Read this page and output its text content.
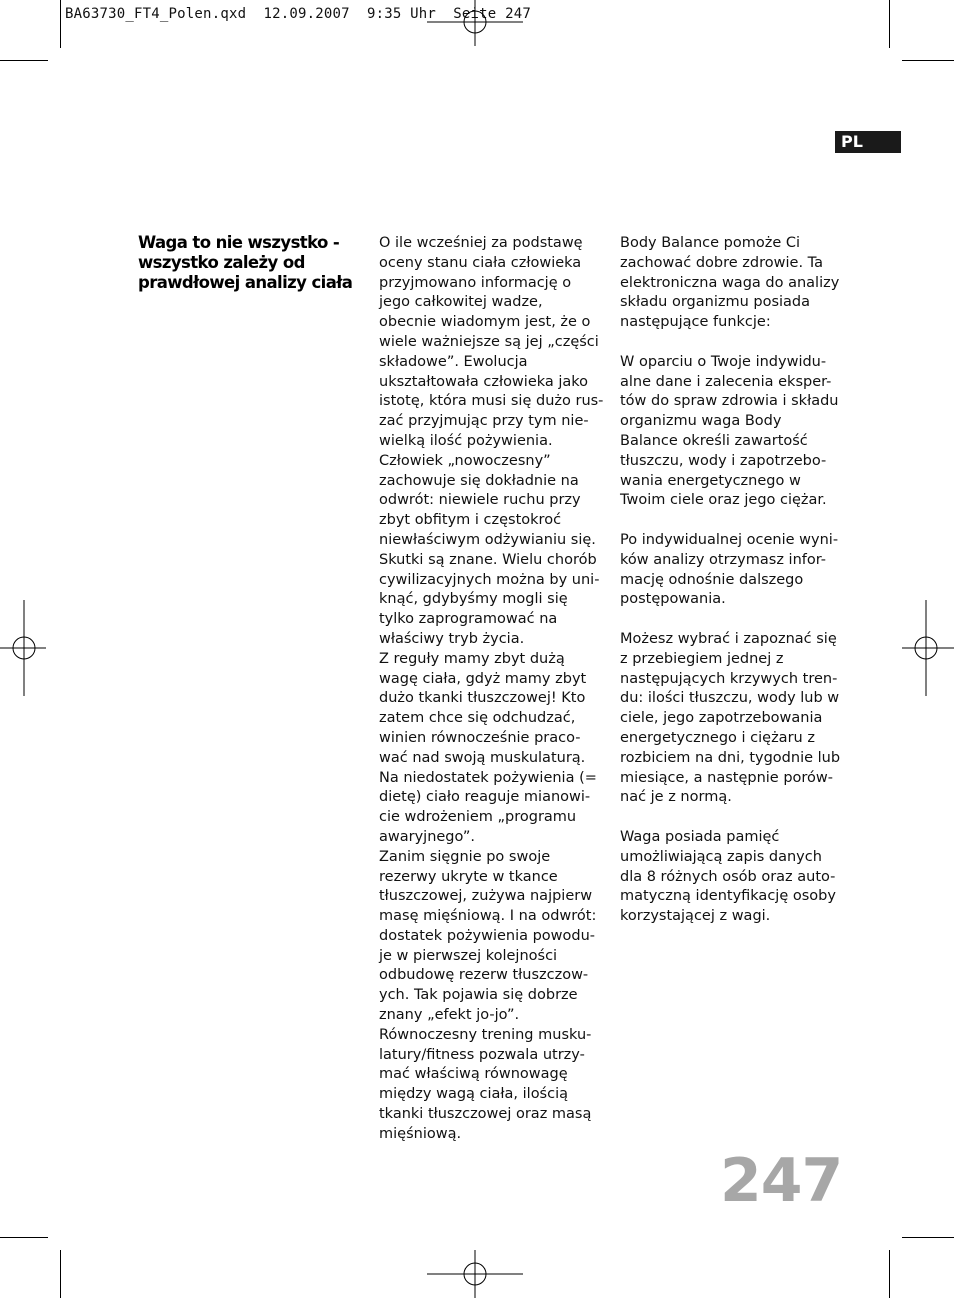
BA63730_FT4_Polen.qxd  12.09.2007  9:35 Uhr  Seite 247
PL
Waga to nie wszystko -
wszystko zależy od
prawdłowej analizy ciała

O ile wcześniej za podstawę

oceny stanu ciała człowieka

przyjmowano informację o

jego całkowitej wadze,

obecnie wiadomym jest, że o

wiele ważniejsze są jej „części

składowe”. Ewolucja

ukształtowała człowieka jako

istotę, która musi się dużo rus-

zać przyjmując przy tym nie-

wielką ilość pożywienia.

Człowiek „nowoczesny”

zachowuje się dokładnie na

odwrót: niewiele ruchu przy

zbyt obfitym i częstokroć

niewłaściwym odżywianiu się.

Skutki są znane. Wielu chorób

cywilizacyjnych można by uni-

knąć, gdybyśmy mogli się

tylko zaprogramować na

właściwy tryb życia.

Z reguły mamy zbyt dużą

wagę ciała, gdyż mamy zbyt

dużo tkanki tłuszczowej! Kto

zatem chce się odchudzać,

winien równocześnie praco-

wać nad swoją muskulaturą.

Na niedostatek pożywienia (=

dietę) ciało reaguje mianowi-

cie wdrożeniem „programu

awaryjnego”.

Zanim sięgnie po swoje

rezerwy ukryte w tkance

tłuszczowej, zużywa najpierw

masę mięśniową. I na odwrót:

dostatek pożywienia powodu-

je w pierwszej kolejności

odbudowę rezerw tłuszczow-

ych. Tak pojawia się dobrze

znany „efekt jo-jo”.

Równoczesny trening musku-

latury/fitness pozwala utrzy-

mać właściwą równowagę

między wagą ciała, ilością

tkanki tłuszczowej oraz masą

mięśniową.

Body Balance pomoże Ci

zachować dobre zdrowie. Ta

elektroniczna waga do analizy

składu organizmu posiada

następujące funkcje:

W oparciu o Twoje indywidu-

alne dane i zalecenia eksper-

tów do spraw zdrowia i składu

organizmu waga Body

Balance określi zawartość

tłuszczu, wody i zapotrzebo-

wania energetycznego w

Twoim ciele oraz jego ciężar.

Po indywidualnej ocenie wyni-

ków analizy otrzymasz infor-

mację odnośnie dalszego

postępowania.

Możesz wybrać i zapoznać się

z przebiegiem jednej z

następujących krzywych tren-

du: ilości tłuszczu, wody lub w

ciele, jego zapotrzebowania

energetycznego i ciężaru z

rozbiciem na dni, tygodnie lub

miesiące, a następnie porów-

nać je z normą.

Waga posiada pamięć

umożliwiającą zapis danych

dla 8 różnych osób oraz auto-

matyczną identyfikację osoby

korzystającej z wagi.

247
